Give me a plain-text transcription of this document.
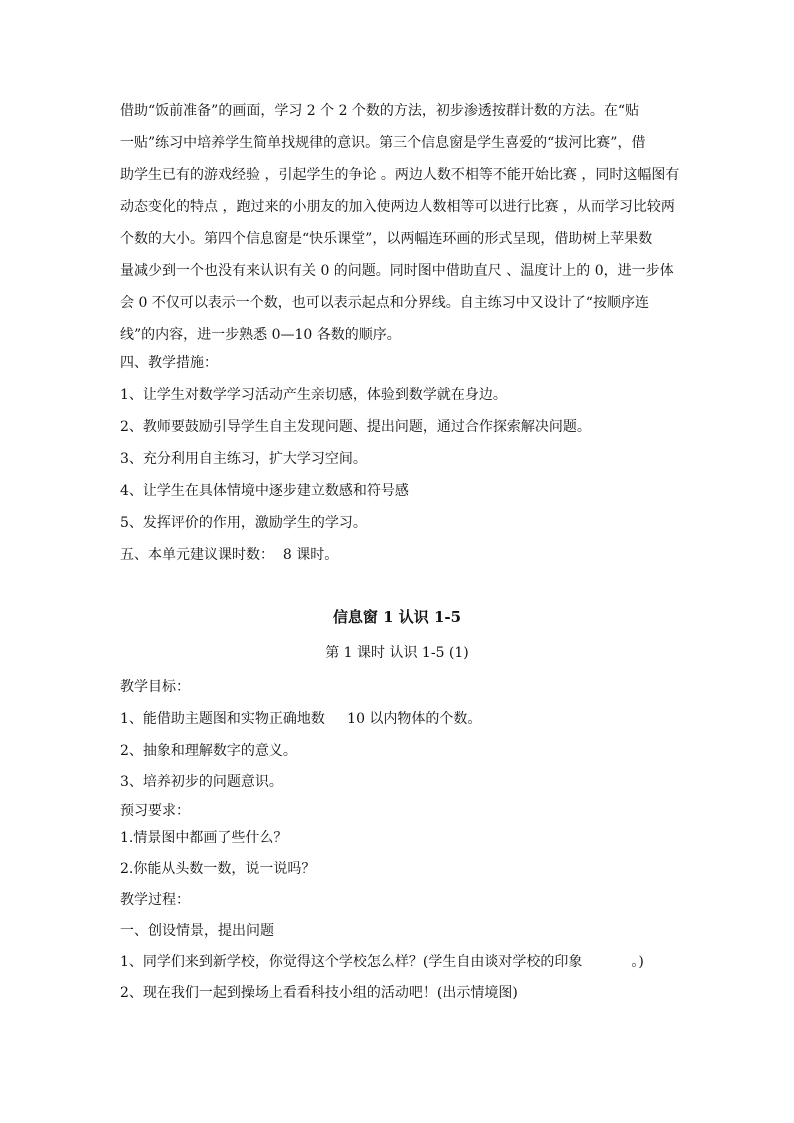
借助“饭前准备”的画面，学习 2 个 2 个数的方法，初步渗透按群计数的方法。在“贴
一贴”练习中培养学生简单找规律的意识。第三个信息窗是学生喜爱的“拔河比赛”，借
助学生已有的游戏经验 ，引起学生的争论 。两边人数不相等不能开始比赛 ，同时这幅图有
动态变化的特点 ，跑过来的小朋友的加入使两边人数相等可以进行比赛 ，从而学习比较两
个数的大小。第四个信息窗是“快乐课堂”，以两幅连环画的形式呈现，借助树上苹果数
量减少到一个也没有来认识有关 0 的问题。同时图中借助直尺 、温度计上的 0，进一步体
会 0 不仅可以表示一个数，也可以表示起点和分界线。自主练习中又设计了“按顺序连
线”的内容，进一步熟悉 0—10 各数的顺序。
四、教学措施：
1、让学生对数学学习活动产生亲切感，体验到数学就在身边。
2、教师要鼓励引导学生自主发现问题、提出问题，通过合作探索解决问题。
3、充分利用自主练习，扩大学习空间。
4、让学生在具体情境中逐步建立数感和符号感
5、发挥评价的作用，激励学生的学习。
五、本单元建议课时数：  8 课时。
信息窗 1 认识 1-5
第 1 课时 认识 1-5 (1)
教学目标：
1、能借助主题图和实物正确地数     10 以内物体的个数。
2、抽象和理解数字的意义。
3、培养初步的问题意识。
预习要求：
1.情景图中都画了些什么？
2.你能从头数一数，说一说吗？
教学过程：
一、创设情景，提出问题
1、同学们来到新学校，你觉得这个学校怎么样？(学生自由谈对学校的印象           。)
2、现在我们一起到操场上看看科技小组的活动吧！(出示情境图)
